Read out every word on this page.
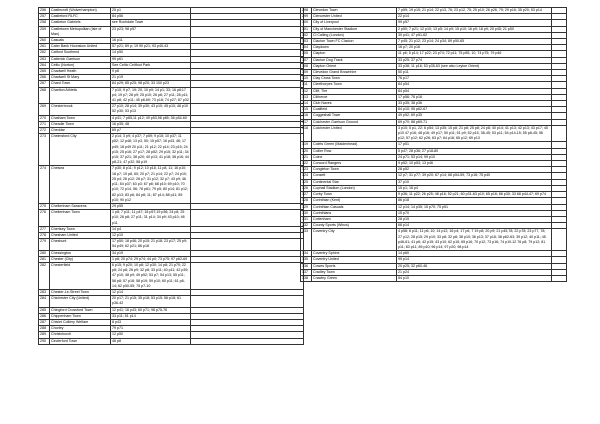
256	Castlecroft (Wolverhampton)	25 p1	
257	Castleford RLFC	84 p56	
258	Castleton Gabriels	see Rochdale Town	
259	Castletown Metropolitan (Isle of Man)	23 p23; 98 p57	
260	Casuals	16 p11	
261	Cater Bank Hounslow United	57 p21; 89 p; 19 90 p21; 93 p40-43	
262	Catford Southend	14 p50	
263	Catterick Garrison	99 p61	
264	Celtic (Norton)	See Celtic Celtfoot Park	
265	Chadwell Heath	9 p8	
266	Chadwell St Mary	21 p19	
267	Chard Town	84 p29; 85 p25; 98 p20; 33 100 p23	
268	Charlton Athletic	7 p10; 9 p7, 19; 20, 10 p9; 14 p1; 33; 16 p8;17 p4; 19 p7; 28 p9; 25 p10; 26 p6; 27 p11; 28 p11; 41 p8; 42 p11; 45 p8-69; 73 p18; 74 p27; 87 p32	
269	Chesterbrook	27 p10; 28 p14; 39 p30; 43 p10; 45 p10; 46 p10 52 p30; 53 p13	
270	Chatham Town	4 p41; 7 p65,11 p12; 49 p53,98 p65; 36 p54-60	
271	Cheadle Town	16 p35; 48	
272	Cheddar	69 p7	
273	Chelmsford City	2 p14; 3 p9; 4 p37; 7 p59; 9 p15; 10 p37; 11 p52; 12 p48; 13 p3, 50; 15 p57; 16 p43, 46; 17 p49; 18 p49 20 p11; 21 p12; 22 p14; 23 p15; 24 p15; 25 p16; 27 p17; 28 p52; 29 p15; 32 p11; 34 p15; 37 p21; 38 p20; 40 p13; 41 p18; 38 p16; 44 p8-21; 47 p32; 58 p19	
274	Chelsea	7 p30; 8 p11; 9 p12; 10 p18, 11 p8, 11; 16 p10; 18 p7; 19 p8, 60; 20 p7; 21 p14; 22 p7; 24 p10; 25 p4; 26 p12; 28 p7; 31 p12; 32 p7; 43 p9; 46 p11; 54 p37; 63 p3; 67 p8; 68 p10; 69 p10; 70 p10; 72 p14, 56; 78 p61; 79 p5; 80 p14; 81 p12; 82 p13; 83 p6; 84 p8; 11; 87 p14; 88 p11; 89 p10; 90 p12	
275	Cheltenham Saracens	29 p55	
276	Cheltenham Town	1 p8; 7 p11; 11 p47; 18 p57;19 p36; 24 p8, 25 p10; 26 p8; 27 p11; 31 p14; 34 p9; 43 p10; 46 p11	
277	Chertsey Town	14 p4	
278	Chesham United	12 p10	
279	Cheshunt	17 p50; 18 p46; 20 p15; 21 p18; 23 p17; 25 p9; 54 p49; 62 p21; 86 p18	
280	Chessington	34 p19	
281	Chester (City)	1 p8; 20 p74; 29 p74; 44 p0; 73 p75; 97 p62-69	
282	Chesterfield	6 p15; 9 p20; 10 p8; 12 p30; 14 p8; 21 p70; 22 p8; 24 p8; 26 p9; 32 p8; 33 p11; 40 p11; 42 p39; 47 p10; 48 p9; 49 p52; 53 p7; 54 p13; 55 p11; 56 p8; 57 p18; 58 p19; 59 p10; 60 p11; 61 p8-14; 62 p50-55; 75 p7-10	
283	Chester-Le-Street Town	12 p14	
284	Chichester City (United)	20 p17; 21 p15; 35 p18; 53 p15; 56 p18; 61 p36-42	
285	Chingford Crossford Town	12 p41; 16 p43; 60 p71; 98 p75-76	
286	Chippenham Town	33 p11; 51 p14	
287	Chislet Colliery Welfare	8 p43	
288	Chorley	79 p71	
289	Christchurch	12 p50	
290	Cinderford Town	46 p8	
298	Clevedon Town	7 p59; 19 p15; 21 p14; 22 p13, 76; 23 p12, 75; 25 p10; 26 p26, 79; 29 p16; 35 p20; 53 p14	
299	Ciencester United	22 p14	
300	City of Liverpool	99 p57	
301	City of Manchester Stadium	2 p50; 7 p21; 12 p10; 13 p5; 14 p9; 15 p10; 16 p9; 18 p9; 20 p45; 21 p50	
302	Cl Calling (London)	30 p41; 47 p51-62	
303	Clacton Town FC Clacton	7 p45; 21 p12; 23 p14; 24 p34; 89 p50-65	
304	Claydown	16 p7; 20 p16	
305	Clapton	11 p6; 5 p14; 17 p22; 23 p74; 72 p11; 75 p55, 10, 74 p75; 79 p46	
307	Clacton Dog Track	33 p25; 37 p74	
308	Clapton Orient	33 p38; 11 p16; 53 p35-63 (see also Leyton Orient)	
309	Clevedon Grand Brownhire	50 p11	
310	Clay Cross Town	76 p17	
311	Cleethorpes Town	84 p54	
312	Cliff, The	84 p54	
313	Clitheroe	17 p56; 76 p16	
314	Club Naves	33 p35; 38 p36	
315	Coalfield	84 p10; 95 p62-67	
316	Coggeshall Town	49 p52; 69 p35	
317	Colchester Garrison Ground	69 p70; 88 p69-71	
318	Colchester United	3 p10; 5 p1, 22; 6 p54; 13 p35; 15 p8; 21 p8; 25 p8; 24 p8; 40 p14; 41 p13; 42 p13; 43 p17; 45 p10 47 p16; 48 p16; 49 p17; 50 p11; 51 p9; 52 p15, 38-45; 53 p11; 54 p14-15; 55 p8-45; 56 p12; 57 p12; 62 p26; 63 p7; 64 p16; 65 p12; 69 p13	
319	Colets Green (Maidenhead)	17 p51	
320	Collier Row	5 p47; 28 p36; 27 p18-80	
321	Colne	24 p71; 53 p14; 99 p10	
322	Concord Rangers	9 p52; 10 p53; 13 p46	
323	Congleton Town	28 p52	
324	Consett	12 p7; 31 p77; 39 p20; 67 p14; 68 p54-59; 73 p16; 75 p40	
325	Continental Star	37 p10	
326	Cophall Stadium (London)	15 p1; 16 p4	
327	Corby Town	9 p36; 11 p22; 26 p25; 48 p16; 52 p21; 60 p31-63 p10; 65 p16; 66 p30; 33 68 p44-47; 69 p74	
328	Corinthian (Kent)	86 p18	
329	Corinthian Casuals	12 p14; 14 p35; 15 p70; 75 p51	
330	Corinthians	15 p70	
331	Cottenham	28 p15	
332	County Sports (Wincs)	68 p14	
333	Coventry City	4 p58; 6 p11; 11 p6, 10; 14 p12; 16 p4; 17 p6, 7 19 p8; 20 p9; 21 p45,78; 22 p78; 23 p77, 78; 27 p12; 28 p15; 29 p10; 33 p8; 32 p8; 38 p10; 36 p13; 37 p18; 38 p62-63; 39 p12; 40 p11; 45 p46-61; 41 p6; 42 p15; 43 p10; 62 p15; 65 p16; 70 p12; 73 p16; 74 p10-12 76 p8; 79 p12; 81 p11; 83 p11; 89 p10; 96 p14; 97 p20; 98 p14	
334	Coventry Sphinx	14 p60	
335	Coventry United	99 p14	
336	Cowes Sports	20 p25; 32 p60-46	
337	Cradley Town	21 p24	
338	Crawley Green	84 p10	
